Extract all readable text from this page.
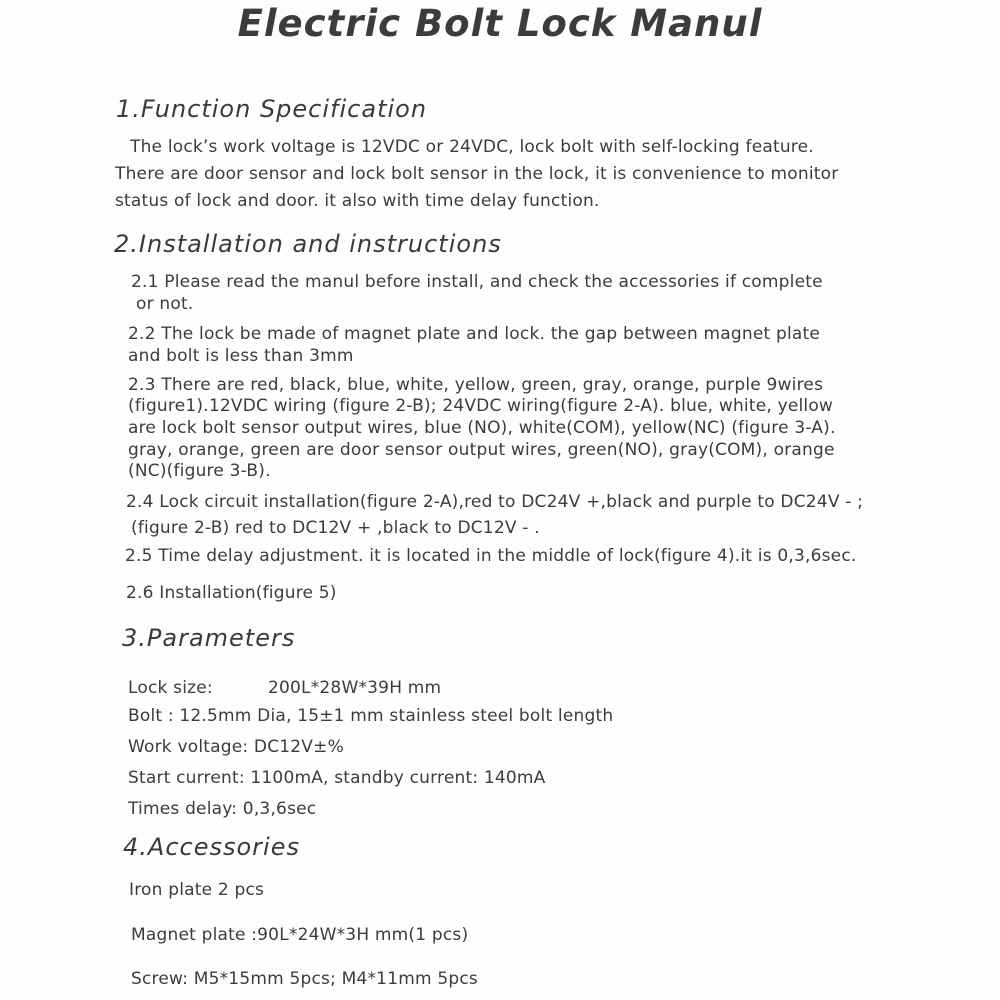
Electric Bolt Lock Manul
1.Function Specification
The lock’s work voltage is 12VDC or 24VDC, lock bolt with self-locking feature.
There are door sensor and lock bolt sensor in the lock, it is convenience to monitor
status of lock and door. it also with time delay function.
2.Installation and instructions
2.1 Please read the manul before install, and check the accessories if complete
or not.
2.2 The lock be made of magnet plate and lock. the gap between magnet plate
and bolt is less than 3mm
2.3 There are red, black, blue, white, yellow, green, gray, orange, purple 9wires
(figure1).12VDC wiring (figure 2-B); 24VDC wiring(figure 2-A). blue, white, yellow
are lock bolt sensor output wires, blue (NO), white(COM), yellow(NC) (figure 3-A).
gray, orange, green are door sensor output wires, green(NO), gray(COM), orange
(NC)(figure 3-B).
2.4 Lock circuit installation(figure 2-A),red to DC24V +,black and purple to DC24V - ;
(figure 2-B) red to DC12V + ,black to DC12V - .
2.5 Time delay adjustment. it is located in the middle of lock(figure 4).it is 0,3,6sec.
2.6 Installation(figure 5)
3.Parameters
Lock size:	200L*28W*39H mm
Bolt : 12.5mm Dia, 15±1 mm stainless steel bolt length
Work voltage: DC12V±%
Start current: 1100mA, standby current: 140mA
Times delay: 0,3,6sec
4.Accessories
Iron plate 2 pcs
Magnet plate :90L*24W*3H mm(1 pcs)
Screw: M5*15mm 5pcs; M4*11mm 5pcs
